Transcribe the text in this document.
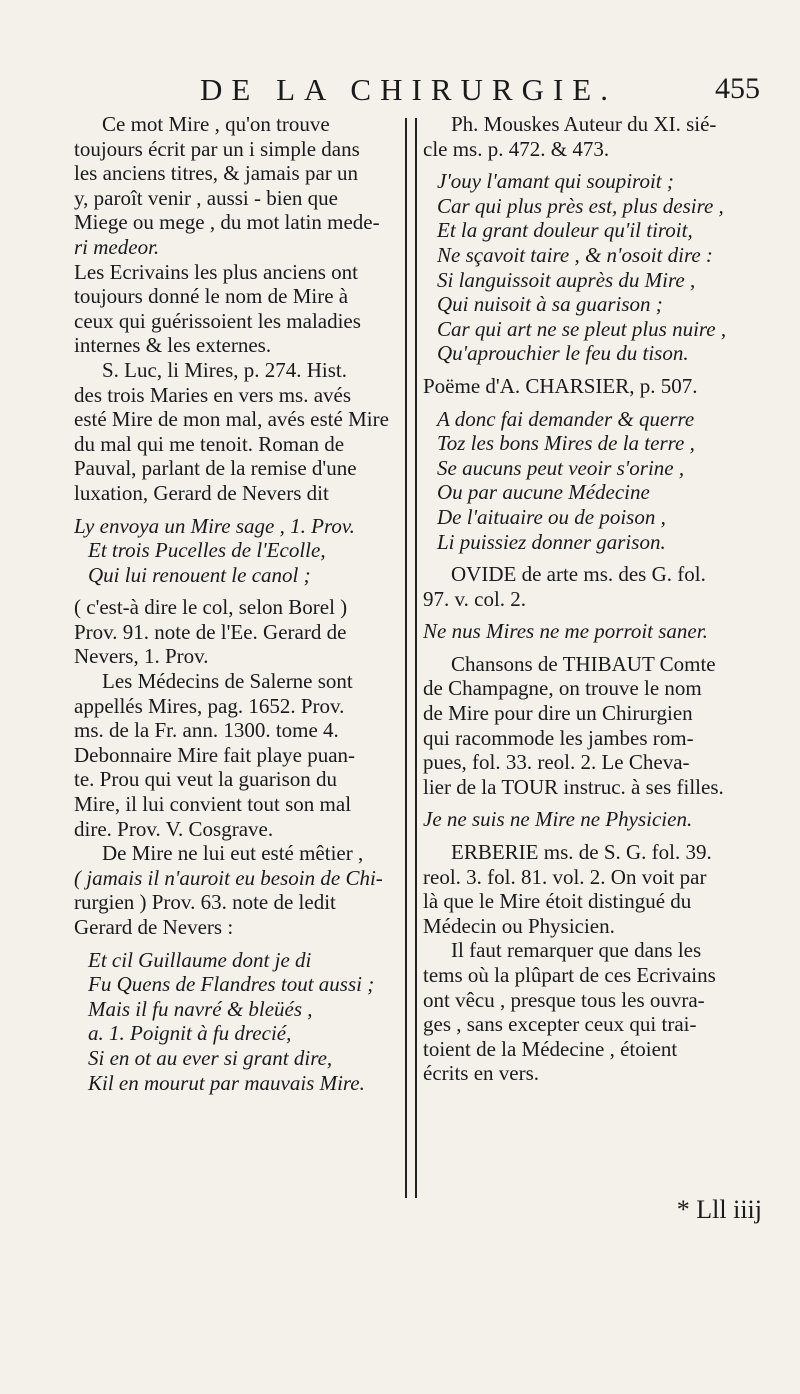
DE LA CHIRURGIE.	455
Ce mot Mire , qu'on trouve
toujours écrit par un i simple dans
les anciens titres, & jamais par un
y, paroît venir , aussi - bien que
Miege ou mege , du mot latin mede-
ri medeor.
Les Ecrivains les plus anciens ont
toujours donné le nom de Mire à
ceux qui guérissoient les maladies
internes & les externes.
S. Luc, li Mires, p. 274. Hist.
des trois Maries en vers ms. avés
esté Mire de mon mal, avés esté Mire
du mal qui me tenoit. Roman de
Pauval, parlant de la remise d'une
luxation, Gerard de Nevers dit
Ly envoya un Mire sage , 1. Prov.
Et trois Pucelles de l'Ecolle,
Qui lui renouent le canol ;
( c'est-à dire le col, selon Borel )
Prov. 91. note de l'Ee. Gerard de
Nevers, 1. Prov.
Les Médecins de Salerne sont
appellés Mires, pag. 1652. Prov.
ms. de la Fr. ann. 1300. tome 4.
Debonnaire Mire fait playe puan-
te. Prou qui veut la guarison du
Mire, il lui convient tout son mal
dire. Prov. V. Cosgrave.
De Mire ne lui eut esté mêtier ,
( jamais il n'auroit eu besoin de Chi-
rurgien ) Prov. 63. note de ledit
Gerard de Nevers :
Et cil Guillaume dont je di
Fu Quens de Flandres tout aussi ;
Mais il fu navré & bleüés ,
a. 1. Poignit à fu drecié,
Si en ot au ever si grant dire,
Kil en mourut par mauvais Mire.
Ph. Mouskes Auteur du XI. sié-
cle ms. p. 472. & 473.
J'ouy l'amant qui soupiroit ;
Car qui plus près est, plus desire ,
Et la grant douleur qu'il tiroit,
Ne sçavoit taire , & n'osoit dire :
Si languissoit auprès du Mire ,
Qui nuisoit à sa guarison ;
Car qui art ne se pleut plus nuire ,
Qu'aprouchier le feu du tison.
Poëme d'A. CHARSIER, p. 507.
A donc fai demander & querre
Toz les bons Mires de la terre ,
Se aucuns peut veoir s'orine ,
Ou par aucune Médecine
De l'aituaire ou de poison ,
Li puissiez donner garison.
OVIDE de arte ms. des G. fol.
97. v. col. 2.
Ne nus Mires ne me porroit saner.
Chansons de THIBAUT Comte
de Champagne, on trouve le nom
de Mire pour dire un Chirurgien
qui racommode les jambes rom-
pues, fol. 33. reol. 2. Le Cheva-
lier de la TOUR instruc. à ses filles.
Je ne suis ne Mire ne Physicien.
ERBERIE ms. de S. G. fol. 39.
reol. 3. fol. 81. vol. 2. On voit par
là que le Mire étoit distingué du
Médecin ou Physicien.
Il faut remarquer que dans les
tems où la plûpart de ces Ecrivains
ont vêcu , presque tous les ouvra-
ges , sans excepter ceux qui trai-
toient de la Médecine , étoient
écrits en vers.
* Lll iiij
